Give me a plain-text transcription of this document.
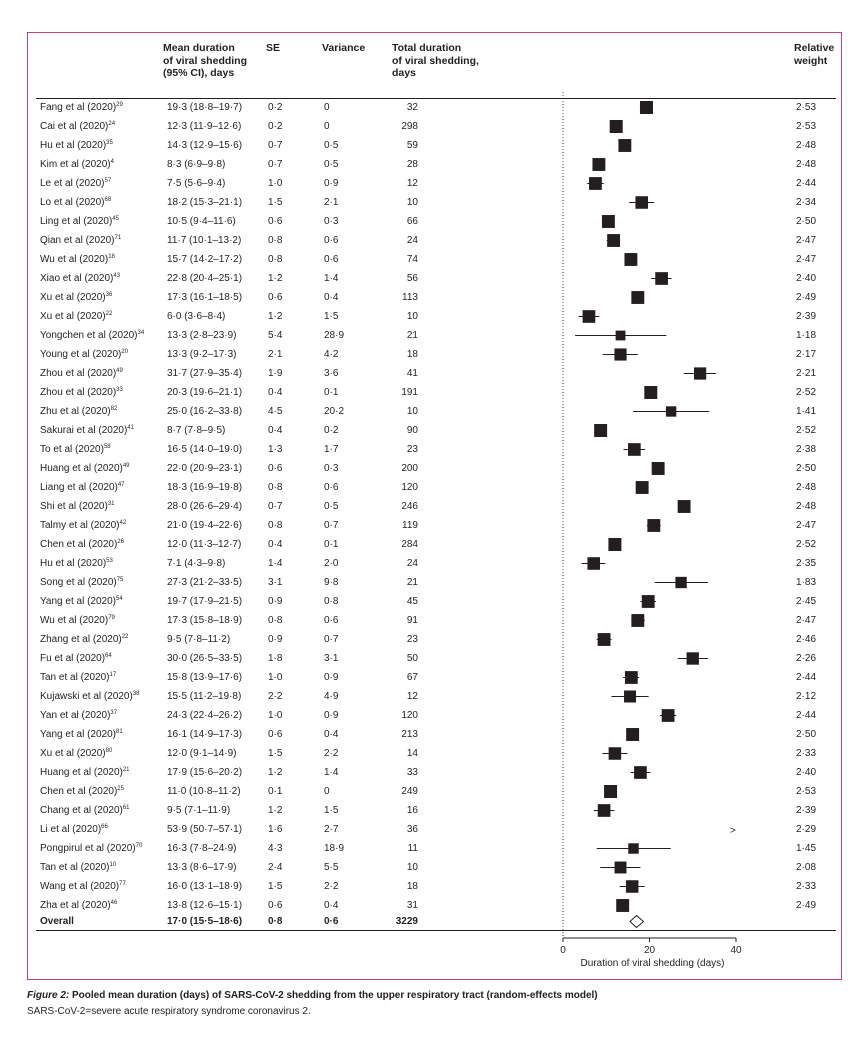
Mean duration
of viral shedding
(95% CI), days
SE	Variance	Total duration
of viral shedding,
days
Relative
weight
Fang et al $(2020)^{29}$	19·3 (18·8–19·7)	0·2	0	32	2·53
Cai et al $(2020)^{24}$	12·3 (11·9–12·6)	0·2	0	298	2·53
Hu et al $(2020)^{35}$	14·3 (12·9–15·6)	0·7	0·5	59	2·48
Kim et al $(2020)^4$	8·3 (6·9–9·8)	0·7	0·5	28	2·48
Le et al $(2020)^{57}$	7·5 (5·6–9·4)	1·0	0·9	12	2·44
Lo et al $(2020)^{68}$	18·2 (15·3–21·1)	1·5	2·1	10	2·34
Ling et al $(2020)^{45}$	10·5 (9·4–11·6)	0·6	0·3	66	2·50
Qian et al $(2020)^{71}$	11·7 (10·1–13·2)	0·8	0·6	24	2·47
Wu et al $(2020)^{18}$	15·7 (14·2–17·2)	0·8	0·6	74	2·47
Xiao et al $(2020)^{43}$	22·8 (20·4–25·1)	1·2	1·4	56	2·40
Xu et al $(2020)^{36}$	17·3 (16·1–18·5)	0·6	0·4	113	2·49
Xu et al $(2020)^{22}$	6·0 (3·6–8·4)	1·2	1·5	10	2·39
Yongchen et al $(2020)^{34}$ 13·3 (2·8–23·9)	5·4	28·9	21	1·18
Young et al $(2020)^{20}$	13·3 (9·2–17·3)	2·1	4·2	18	2·17
Zhou et al $(2020)^{49}$	31·7 (27·9–35·4)	1·9	3·6	41	2·21
Zhou et al $(2020)^{33}$	20·3 (19·6–21·1)	0·4	0·1	191	2·52
Zhu et al $(2020)^{82}$	25·0 (16·2–33·8)	4·5	20·2	10	1·41
Sakurai et al $(2020)^{41}$	8·7 (7·8–9·5)	0·4	0·2	90	2·52
To et al $(2020)^{58}$	16·5 (14·0–19·0)	1·3	1·7	23	2·38
Huang et al $(2020)^{49}$	22·0 (20·9–23·1)	0·6	0·3	200	2·50
Liang et al $(2020)^{47}$	18·3 (16·9–19·8)	0·8	0·6	120	2·48
Shi et al $(2020)^{31}$	28·0 (26·6–29·4)	0·7	0·5	246	2·48
Talmy et al $(2020)^{42}$	21·0 (19·4–22·6)	0·8	0·7	119	2·47
Chen et al $(2020)^{26}$	12·0 (11·3–12·7)	0·4	0·1	284	2·52
Hu et al $(2020)^{53}$	7·1 (4·3–9·8)	1·4	2·0	24	2·35
Song et al $(2020)^{75}$	27·3 (21·2–33·5)	3·1	9·8	21	1·83
Yang et al $(2020)^{54}$	19·7 (17·9–21·5)	0·9	0·8	45	2·45
Wu et al $(2020)^{79}$	17·3 (15·8–18·9)	0·8	0·6	91	2·47
Zhang et al $(2020)^{22}$	9·5 (7·8–11·2)	0·9	0·7	23	2·46
Fu et al $(2020)^{64}$	30·0 (26·5–33·5)	1·8	3·1	50	2·26
Tan et al $(2020)^{17}$	15·8 (13·9–17·6)	1·0	0·9	67	2·44
Kujawski et al $(2020)^{38}$	15·5 (11·2–19·8)	2·2	4·9	12	2·12
Yan et al $(2020)^{37}$	24·3 (22·4–26·2)	1·0	0·9	120	2·44
Yang et al $(2020)^{81}$	16·1 (14·9–17·3)	0·6	0·4	213	2·50
Xu et al $(2020)^{80}$	12·0 (9·1–14·9)	1·5	2·2	14	2·33
Huang et al $(2020)^{21}$	17·9 (15·6–20·2)	1·2	1·4	33	2·40
Chen et al $(2020)^{25}$	11·0 (10·8–11·2)	0·1	0	249	2·53
Chang et al $(2020)^{61}$	9·5 (7·1–11·9)	1·2	1·5	16	2·39
Li et al $(2020)^{66}$	53·9 (50·7–57·1)	1·6	2·7	36	2·29
Pongpirul et al $(2020)^{70}$ 16·3 (7·8–24·9)	4·3	18·9	11	1·45
Tan et al $(2020)^{10}$	13·3 (8·6–17·9)	2·4	5·5	10	2·08
Wang et al $(2020)^{77}$	16·0 (13·1–18·9)	1·5	2·2	18	2·33
Zha et al $(2020)^{46}$	13·8 (12·6–15·1)	0·6	0·4	31	2·49
Overall	17·0 (15·5–18·6)	0·8	0·6	3229
>
0	20	40
Duration of viral shedding (days)
Figure 2: Pooled mean duration (days) of SARS-CoV-2 shedding from the upper respiratory tract (random-effects model)
SARS-CoV-2=severe acute respiratory syndrome coronavirus 2.
